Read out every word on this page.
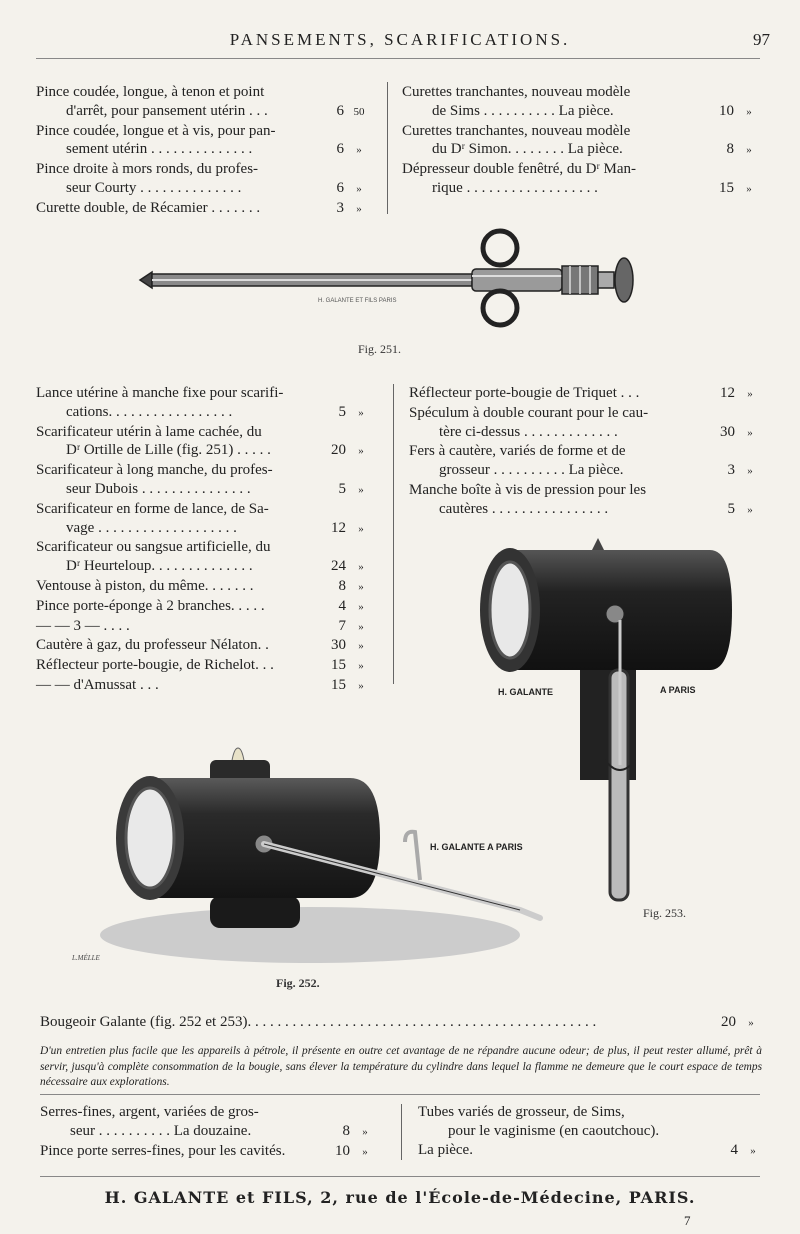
PANSEMENTS, SCARIFICATIONS.	97
Pince coudée, longue, à tenon et point
d'arrêt, pour pansement utérin . . .	6 50
Pince coudée, longue et à vis, pour pan-
sement utérin . . . . . . . . . . . . . .	6	»
Pince droite à mors ronds, du profes-
seur Courty . . . . . . . . . . . . . .	6	»
Curette double, de Récamier . . . . . . .	3	»
Curettes tranchantes, nouveau modèle
de Sims . . . . . . . . . . La pièce.	10	»
Curettes tranchantes, nouveau modèle
du Dʳ Simon. . . . . . . . La pièce.	8	»
Dépresseur double fenêtré, du Dʳ Man-
rique . . . . . . . . . . . . . . . . . .	15	»
H. GALANTE ET FILS PARIS
Fig. 251.
Lance utérine à manche fixe pour scarifi-
cations. . . . . . . . . . . . . . . . .	5	»
Scarificateur utérin à lame cachée, du
Dʳ Ortille de Lille (fig. 251) . . . . .	20	»
Scarificateur à long manche, du profes-
seur Dubois . . . . . . . . . . . . . . .	5	»
Scarificateur en forme de lance, de Sa-
vage . . . . . . . . . . . . . . . . . . .	12	»
Scarificateur ou sangsue artificielle, du
Dʳ Heurteloup. . . . . . . . . . . . . .	24	»
Ventouse à piston, du même. . . . . . .	8	»
Pince porte-éponge à 2 branches. . . . .	4	»
— — 3 — . . . .	7	»
Cautère à gaz, du professeur Nélaton. .	30	»
Réflecteur porte-bougie, de Richelot. . .	15	»
— — d'Amussat . . .	15	»
Réflecteur porte-bougie de Triquet . . .	12	»
Spéculum à double courant pour le cau-
tère ci-dessus . . . . . . . . . . . . .	30	»
Fers à cautère, variés de forme et de
grosseur . . . . . . . . . . La pièce.	3	»
Manche boîte à vis de pression pour les
cautères . . . . . . . . . . . . . . . .	5	»
H. GALANTE	A PARIS
Fig. 253.
H. GALANTE A PARIS
L.MÉLLE
Fig. 252.
Bougeoir Galante (fig. 252 et 253). . . . . . . . . . . . . . . . . . . . . . . . . . . . . . . . . . . . . . . . . . . . . . .	20	»
D'un entretien plus facile que les appareils à pétrole, il présente en outre cet avantage de ne répandre aucune odeur; de plus, il peut rester allumé, prêt à servir, jusqu'à complète consommation de la bougie, sans élever la température du cylindre dans lequel la flamme ne demeure que le court espace de temps nécessaire aux explorations.
Serres-fines, argent, variées de gros-
seur . . . . . . . . . . La douzaine.	8	»
Pince porte serres-fines, pour les cavités.	10	»
Tubes variés de grosseur, de Sims,
pour le vaginisme (en caoutchouc).
La pièce.	4	»
H. GALANTE et FILS, 2, rue de l'École-de-Médecine, PARIS.
7
